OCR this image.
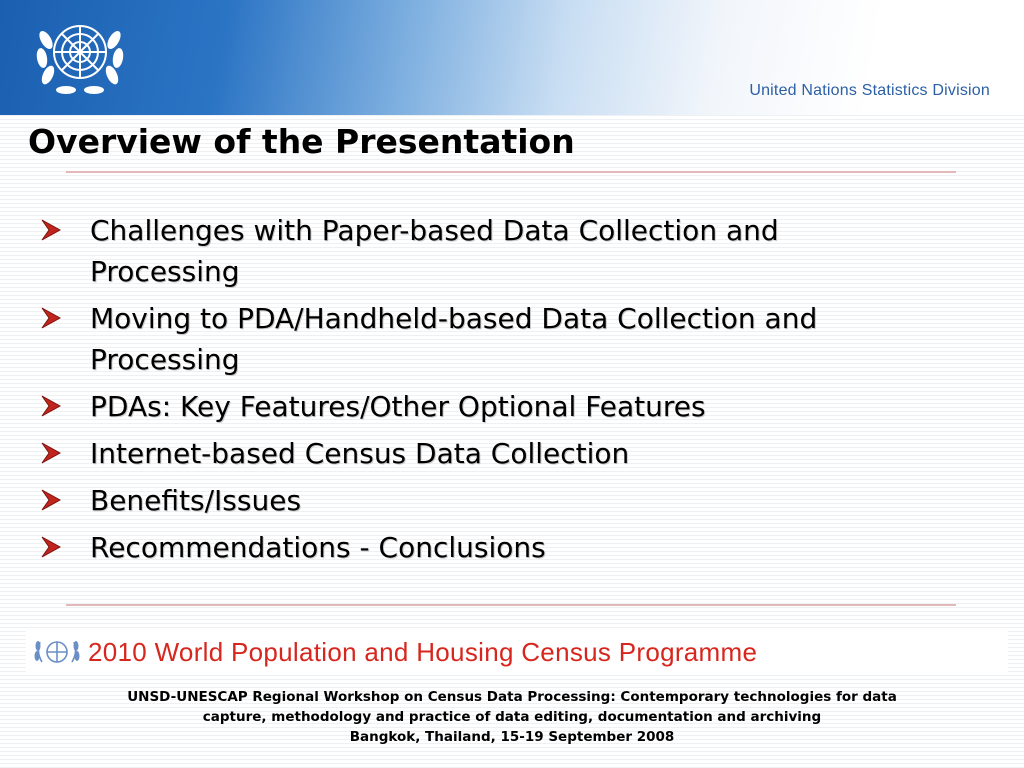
United Nations Statistics Division
Overview of the Presentation
Challenges with Paper-based Data Collection and
Processing
Moving to PDA/Handheld-based Data Collection and
Processing
PDAs: Key Features/Other Optional Features
Internet-based Census Data Collection
Benefits/Issues
Recommendations - Conclusions
2010 World Population and Housing Census Programme
UNSD-UNESCAP Regional Workshop on Census Data Processing: Contemporary technologies for data
capture, methodology and practice of data editing, documentation and archiving
Bangkok, Thailand, 15-19 September 2008
